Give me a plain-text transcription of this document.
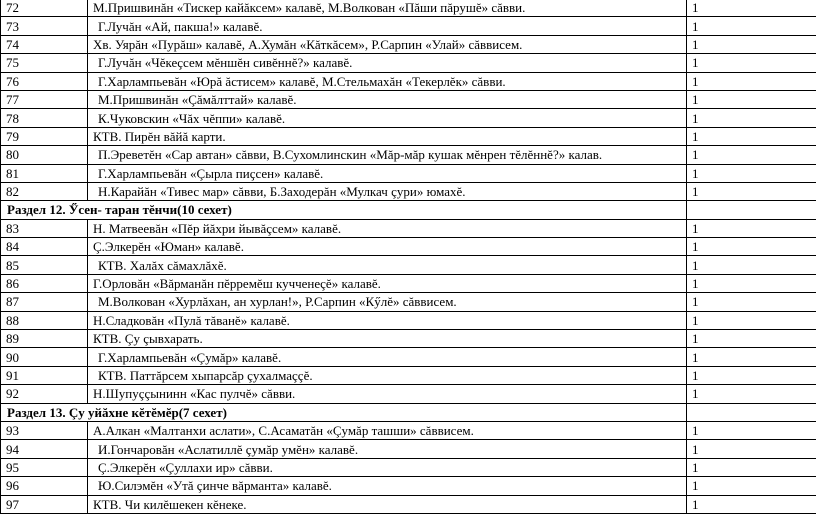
72	М.Пришвинăн «Тискер кайăксем» калавĕ, М.Волкован «Пăши пăрушĕ» сăвви.	1
73	Г.Лучăн «Ай, пакша!» калавĕ.	1
74	Хв. Уярăн «Пурăш» калавĕ, А.Хумăн «Кăткăсем», Р.Сарпин «Улай» сăввисем.	1
75	Г.Лучăн «Чĕкеҫсем мĕншĕн сивĕннĕ?» калавĕ.	1
76	Г.Харлампьевăн «Юрă ăстисем» калавĕ, М.Стельмахăн «Текерлĕк» сăвви.	1
77	М.Пришвинăн «Çăмăлттай» калавĕ.	1
78	К.Чуковскин «Чăх чĕппи» калавĕ.	1
79	КТВ. Пирĕн вăйă карти.	1
80	П.Эреветĕн «Сар автан» сăвви, В.Сухомлинскин «Мăр-мăр кушак мĕнрен тĕлĕннĕ?» калав.	1
81	Г.Харлампьевăн «Çырла пиҫсен» калавĕ.	1
82	Н.Карайăн «Тивес мар» сăвви, Б.Заходерăн «Мулкач çури» юмахĕ.	1
Раздел 12. Ӳсен- таран тĕнчи(10 сехет)		
83	Н. Матвеевăн «Пĕр йăхри йывăçсем» калавĕ.	1
84	Ç.Элкерĕн «Юман» калавĕ.	1
85	КТВ. Халăх сăмахлăхĕ.	1
86	Г.Орловăн «Вăрманăн пĕрремĕш кучченеçĕ» калавĕ.	1
87	М.Волкован «Хурлăхан, ан хурлан!», Р.Сарпин «Кӳлĕ» сăввисем.	1
88	Н.Сладковăн «Пулă тăванĕ» калавĕ.	1
89	КТВ. Çу çывхарать.	1
90	Г.Харлампьевăн «Çумăр» калавĕ.	1
91	КТВ. Паттăрсем хыпарсăр çухалмаççĕ.	1
92	Н.Шупуççынинн «Кас пулчĕ» сăвви.	1
Раздел 13. Çу уйăхне кĕтĕмĕр(7 сехет)		
93	А.Алкан «Малтанхи аслати», С.Асаматăн «Çумăр ташши» сăввисем.	1
94	И.Гончаровăн «Аслатиллĕ çумăр умĕн» калавĕ.	1
95	Ç.Элкерĕн «Çуллахи ир» сăвви.	1
96	Ю.Силэмĕн «Утă çинче вăрманта» калавĕ.	1
97	КТВ. Чи килĕшекен кĕнеке.	1
